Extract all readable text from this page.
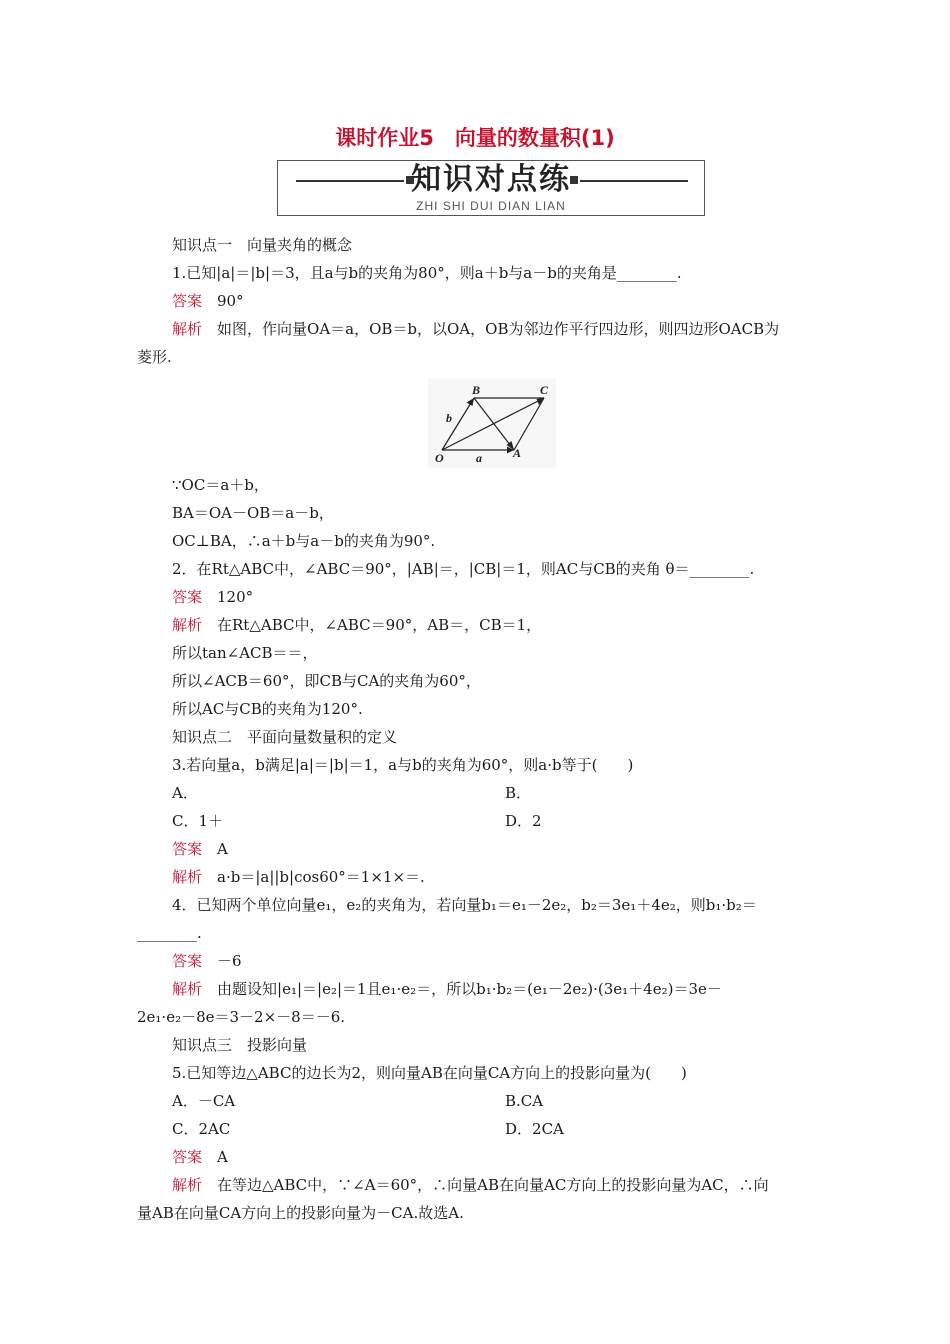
课时作业5　向量的数量积(1)
知识对点练
ZHI SHI DUI DIAN LIAN
知识点一　向量夹角的概念
1.已知|a|＝|b|＝3，且a与b的夹角为80°，则a＋b与a－b的夹角是________.
答案　90°
解析　如图，作向量OA＝a，OB＝b，以OA，OB为邻边作平行四边形，则四边形OACB为
菱形.
B	C
b
O	a	A
∵OC＝a＋b，
BA＝OA－OB＝a－b，
OC⊥BA，∴a＋b与a－b的夹角为90°.
2．在Rt△ABC中，∠ABC＝90°，|AB|＝，|CB|＝1，则AC与CB的夹角 θ＝________.
答案　120°
解析　在Rt△ABC中，∠ABC＝90°，AB＝，CB＝1，
所以tan∠ACB＝＝，
所以∠ACB＝60°，即CB与CA的夹角为60°，
所以AC与CB的夹角为120°.
知识点二　平面向量数量积的定义
3.若向量a，b满足|a|＝|b|＝1，a与b的夹角为60°，则a·b等于(　　)
A．	B．
C．1＋	D．2
答案　A
解析　a·b＝|a||b|cos60°＝1×1×＝.
4．已知两个单位向量e₁，e₂的夹角为，若向量b₁＝e₁－2e₂，b₂＝3e₁＋4e₂，则b₁·b₂＝
________.
答案　－6
解析　由题设知|e₁|＝|e₂|＝1且e₁·e₂＝，所以b₁·b₂＝(e₁－2e₂)·(3e₁＋4e₂)＝3e－
2e₁·e₂－8e＝3－2×－8＝－6.
知识点三　投影向量
5.已知等边△ABC的边长为2，则向量AB在向量CA方向上的投影向量为(　　)
A．－CA	B.CA
C．2AC	D．2CA
答案　A
解析　在等边△ABC中，∵∠A＝60°，∴向量AB在向量AC方向上的投影向量为AC，∴向
量AB在向量CA方向上的投影向量为－CA.故选A.
